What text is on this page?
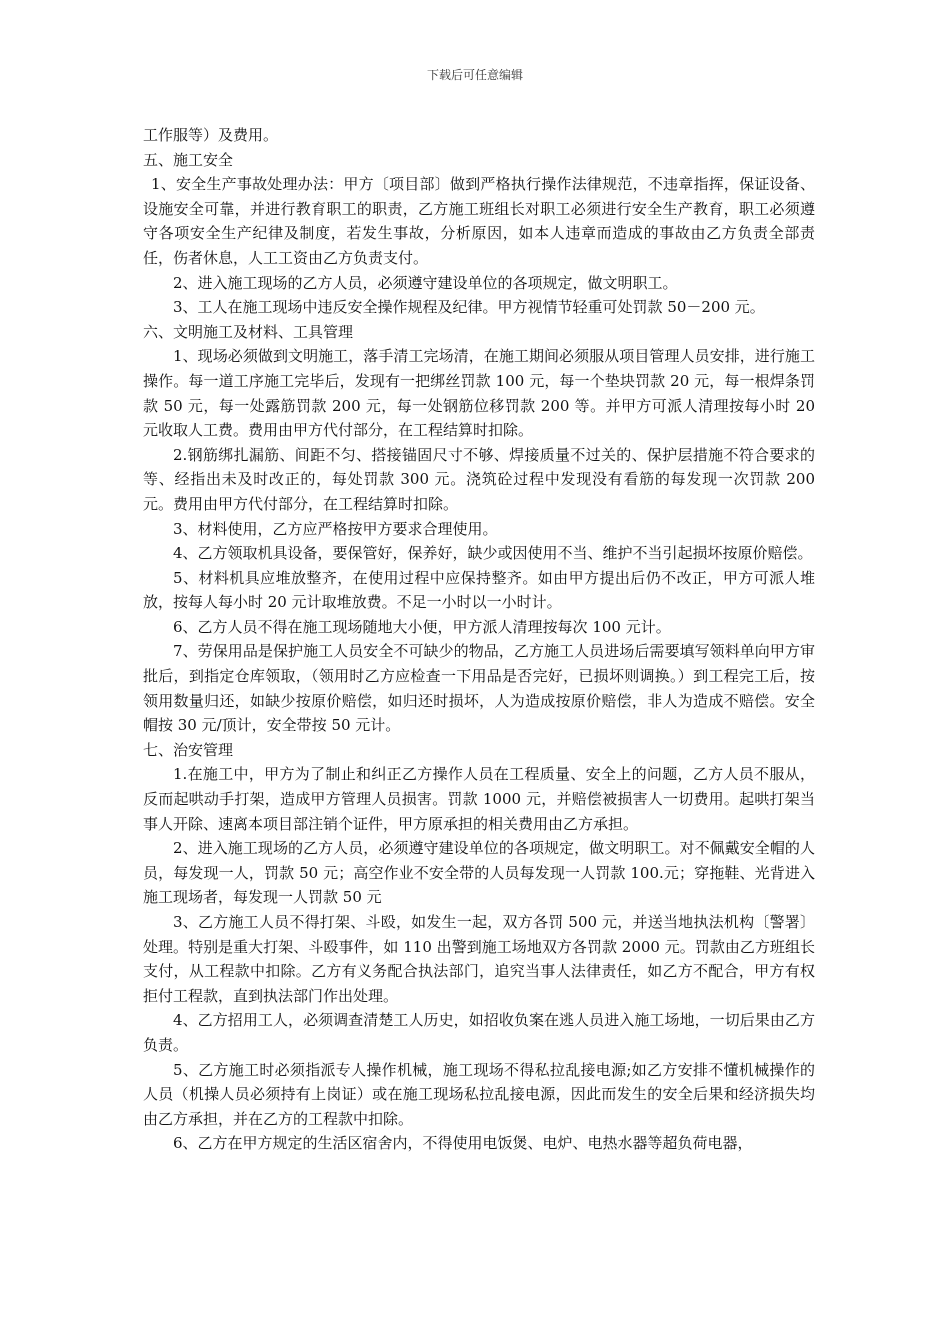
下载后可任意编辑

工作服等）及费用。

五、施工安全

1、安全生产事故处理办法：甲方〔项目部〕做到严格执行操作法律规范，不违章指挥，保证设备、设施安全可靠，并进行教育职工的职责，乙方施工班组长对职工必须进行安全生产教育，职工必须遵守各项安全生产纪律及制度，若发生事故，分析原因，如本人违章而造成的事故由乙方负责全部责任，伤者休息，人工工资由乙方负责支付。

2、进入施工现场的乙方人员，必须遵守建设单位的各项规定，做文明职工。

3、工人在施工现场中违反安全操作规程及纪律。甲方视情节轻重可处罚款 50－200 元。

六、文明施工及材料、工具管理

1、现场必须做到文明施工，落手清工完场清，在施工期间必须服从项目管理人员安排，进行施工操作。每一道工序施工完毕后，发现有一把绑丝罚款 100 元，每一个垫块罚款 20 元，每一根焊条罚款 50 元，每一处露筋罚款 200 元，每一处钢筋位移罚款 200 等。并甲方可派人清理按每小时 20 元收取人工费。费用由甲方代付部分，在工程结算时扣除。

2.钢筋绑扎漏筋、间距不匀、搭接锚固尺寸不够、焊接质量不过关的、保护层措施不符合要求的等、经指出未及时改正的，每处罚款 300 元。浇筑砼过程中发现没有看筋的每发现一次罚款 200 元。费用由甲方代付部分，在工程结算时扣除。

3、材料使用，乙方应严格按甲方要求合理使用。

4、乙方领取机具设备，要保管好，保养好，缺少或因使用不当、维护不当引起损坏按原价赔偿。

5、材料机具应堆放整齐，在使用过程中应保持整齐。如由甲方提出后仍不改正，甲方可派人堆放，按每人每小时 20 元计取堆放费。不足一小时以一小时计。

6、乙方人员不得在施工现场随地大小便，甲方派人清理按每次 100 元计。

7、劳保用品是保护施工人员安全不可缺少的物品，乙方施工人员进场后需要填写领料单向甲方审批后，到指定仓库领取，（领用时乙方应检查一下用品是否完好，已损坏则调换。）到工程完工后，按领用数量归还，如缺少按原价赔偿，如归还时损坏，人为造成按原价赔偿，非人为造成不赔偿。安全帽按 30 元/顶计，安全带按 50 元计。

七、治安管理

1.在施工中，甲方为了制止和纠正乙方操作人员在工程质量、安全上的问题，乙方人员不服从，反而起哄动手打架，造成甲方管理人员损害。罚款 1000 元，并赔偿被损害人一切费用。起哄打架当事人开除、速离本项目部注销个证件，甲方原承担的相关费用由乙方承担。

2、进入施工现场的乙方人员，必须遵守建设单位的各项规定，做文明职工。对不佩戴安全帽的人员，每发现一人，罚款 50 元；高空作业不安全带的人员每发现一人罚款 100.元；穿拖鞋、光背进入施工现场者，每发现一人罚款 50 元

3、乙方施工人员不得打架、斗殴，如发生一起，双方各罚 500 元，并送当地执法机构〔警署〕处理。特别是重大打架、斗殴事件，如 110 出警到施工场地双方各罚款 2000 元。罚款由乙方班组长支付，从工程款中扣除。乙方有义务配合执法部门，追究当事人法律责任，如乙方不配合，甲方有权拒付工程款，直到执法部门作出处理。

4、乙方招用工人，必须调查清楚工人历史，如招收负案在逃人员进入施工场地，一切后果由乙方负责。

5、乙方施工时必须指派专人操作机械，施工现场不得私拉乱接电源;如乙方安排不懂机械操作的人员（机操人员必须持有上岗证）或在施工现场私拉乱接电源，因此而发生的安全后果和经济损失均由乙方承担，并在乙方的工程款中扣除。

6、乙方在甲方规定的生活区宿舍内，不得使用电饭煲、电炉、电热水器等超负荷电器，
